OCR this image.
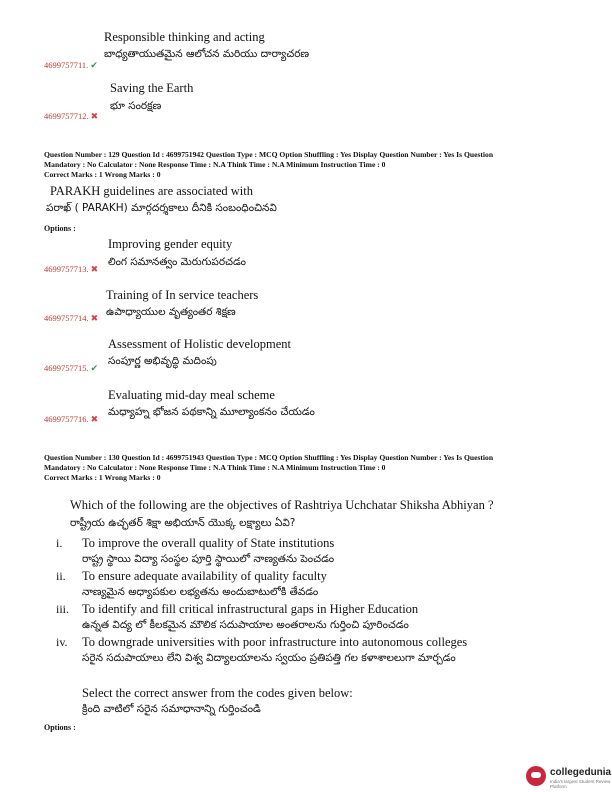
Responsible thinking and acting
బాధ్యతాయుతమైన ఆలోచన మరియు దార్యాచరణ
4699757711. ✔
Saving the Earth
భూ సంరక్షణ
4699757712. ✖
Question Number : 129 Question Id : 4699751942 Question Type : MCQ Option Shuffling : Yes Display Question Number : Yes Is Question
Mandatory : No Calculator : None Response Time : N.A Think Time : N.A Minimum Instruction Time : 0
Correct Marks : 1 Wrong Marks : 0
PARAKH guidelines are associated with
పరాఖ్ ( PARAKH) మార్గదర్శకాలు దీనికి సంబంధించినవి
Options :
Improving gender equity
లింగ సమానత్వం మెరుగుపరచడం
4699757713. ✖
Training of In service teachers
ఉపాధ్యాయుల వృత్యంతర శిక్షణ
4699757714. ✖
Assessment of Holistic development
సంపూర్ణ అభివృద్ధి మదింపు
4699757715. ✔
Evaluating mid-day meal scheme
మధ్యాహ్న భోజన పథకాన్ని మూల్యాంకనం చేయడం
4699757716. ✖
Question Number : 130 Question Id : 4699751943 Question Type : MCQ Option Shuffling : Yes Display Question Number : Yes Is Question
Mandatory : No Calculator : None Response Time : N.A Think Time : N.A Minimum Instruction Time : 0
Correct Marks : 1 Wrong Marks : 0
Which of the following are the objectives of Rashtriya Uchchatar Shiksha Abhiyan ?
రాష్ట్రీయ ఉచ్ఛతర్ శిక్షా అభియాన్ యొక్క లక్ష్యాలు ఏవి?
i. To improve the overall quality of State institutions
రాష్ట్ర స్థాయి విద్యా సంస్థల పూర్తి స్థాయిలో నాణ్యతను పెంచడం
ii. To ensure adequate availability of quality faculty
నాణ్యమైన అధ్యాపకుల లభ్యతను అందుబాటులోకి తేవడం
iii. To identify and fill critical infrastructural gaps in Higher Education
ఉన్నత విద్య లో కీలకమైన మౌలిక సదుపాయాల అంతరాలను గుర్తించి పూరించడం
iv. To downgrade universities with poor infrastructure into autonomous colleges
సరైన సదుపాయాలు లేని విశ్వ విద్యాలయాలను స్వయం ప్రతిపత్తి గల కళాశాలలుగా మార్చడం
Select the correct answer from the codes given below:
క్రింది వాటిలో సరైన సమాధానాన్ని గుర్తించండి
Options :
collegedunia
India's largest Student Review Platform
